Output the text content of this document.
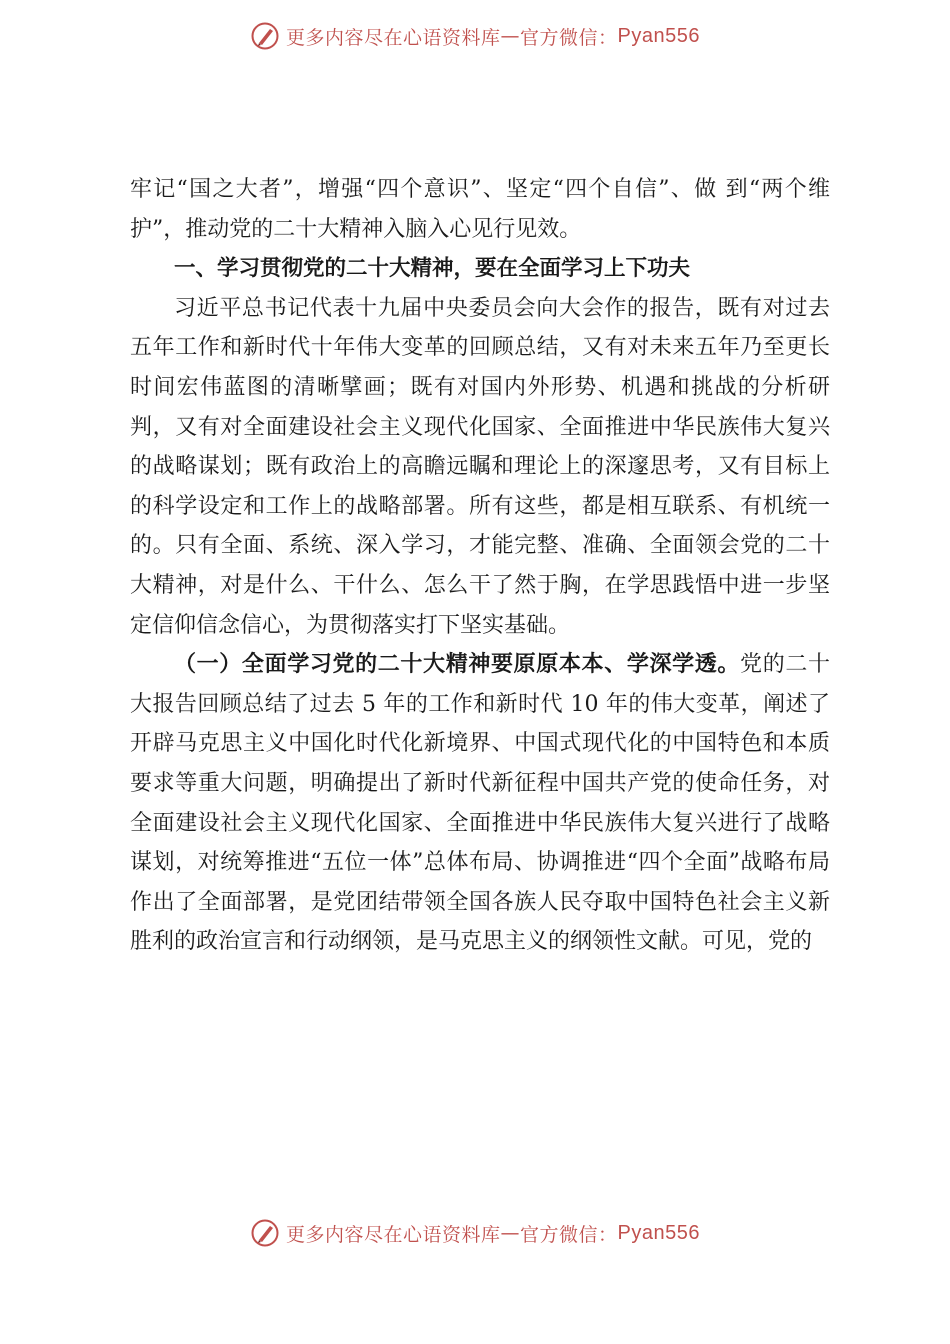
更多内容尽在心语资料库 — 官方微信： Pyan556

牢记“国之大者”，增强“四个意识”、坚定“四个自信”、做 到“两个维护”，推动党的二十大精神入脑入心见行见效。

一、学习贯彻党的二十大精神，要在全面学习上下功夫

习近平总书记代表十九届中央委员会向大会作的报告，既有对过去五年工作和新时代十年伟大变革的回顾总结，又有对未来五年乃至更长时间宏伟蓝图的清晰擘画；既有对国内外形势、机遇和挑战的分析研判，又有对全面建设社会主义现代化国家、全面推进中华民族伟大复兴的战略谋划；既有政治上的高瞻远瞩和理论上的深邃思考，又有目标上的科学设定和工作上的战略部署。所有这些，都是相互联系、有机统一的。只有全面、系统、深入学习，才能完整、准确、全面领会党的二十大精神，对是什么、干什么、怎么干了然于胸，在学思践悟中进一步坚定信仰信念信心，为贯彻落实打下坚实基础。

（一）全面学习党的二十大精神要原原本本、学深学透。党的二十大报告回顾总结了过去 5 年的工作和新时代 10 年的伟大变革，阐述了开辟马克思主义中国化时代化新境界、中国式现代化的中国特色和本质要求等重大问题，明确提出了新时代新征程中国共产党的使命任务，对全面建设社会主义现代化国家、全面推进中华民族伟大复兴进行了战略谋划，对统筹推进“五位一体”总体布局、协调推进“四个全面”战略布局作出了全面部署，是党团结带领全国各族人民夺取中国特色社会主义新胜利的政治宣言和行动纲领，是马克思主义的纲领性文献。可见，党的

更多内容尽在心语资料库 — 官方微信： Pyan556
